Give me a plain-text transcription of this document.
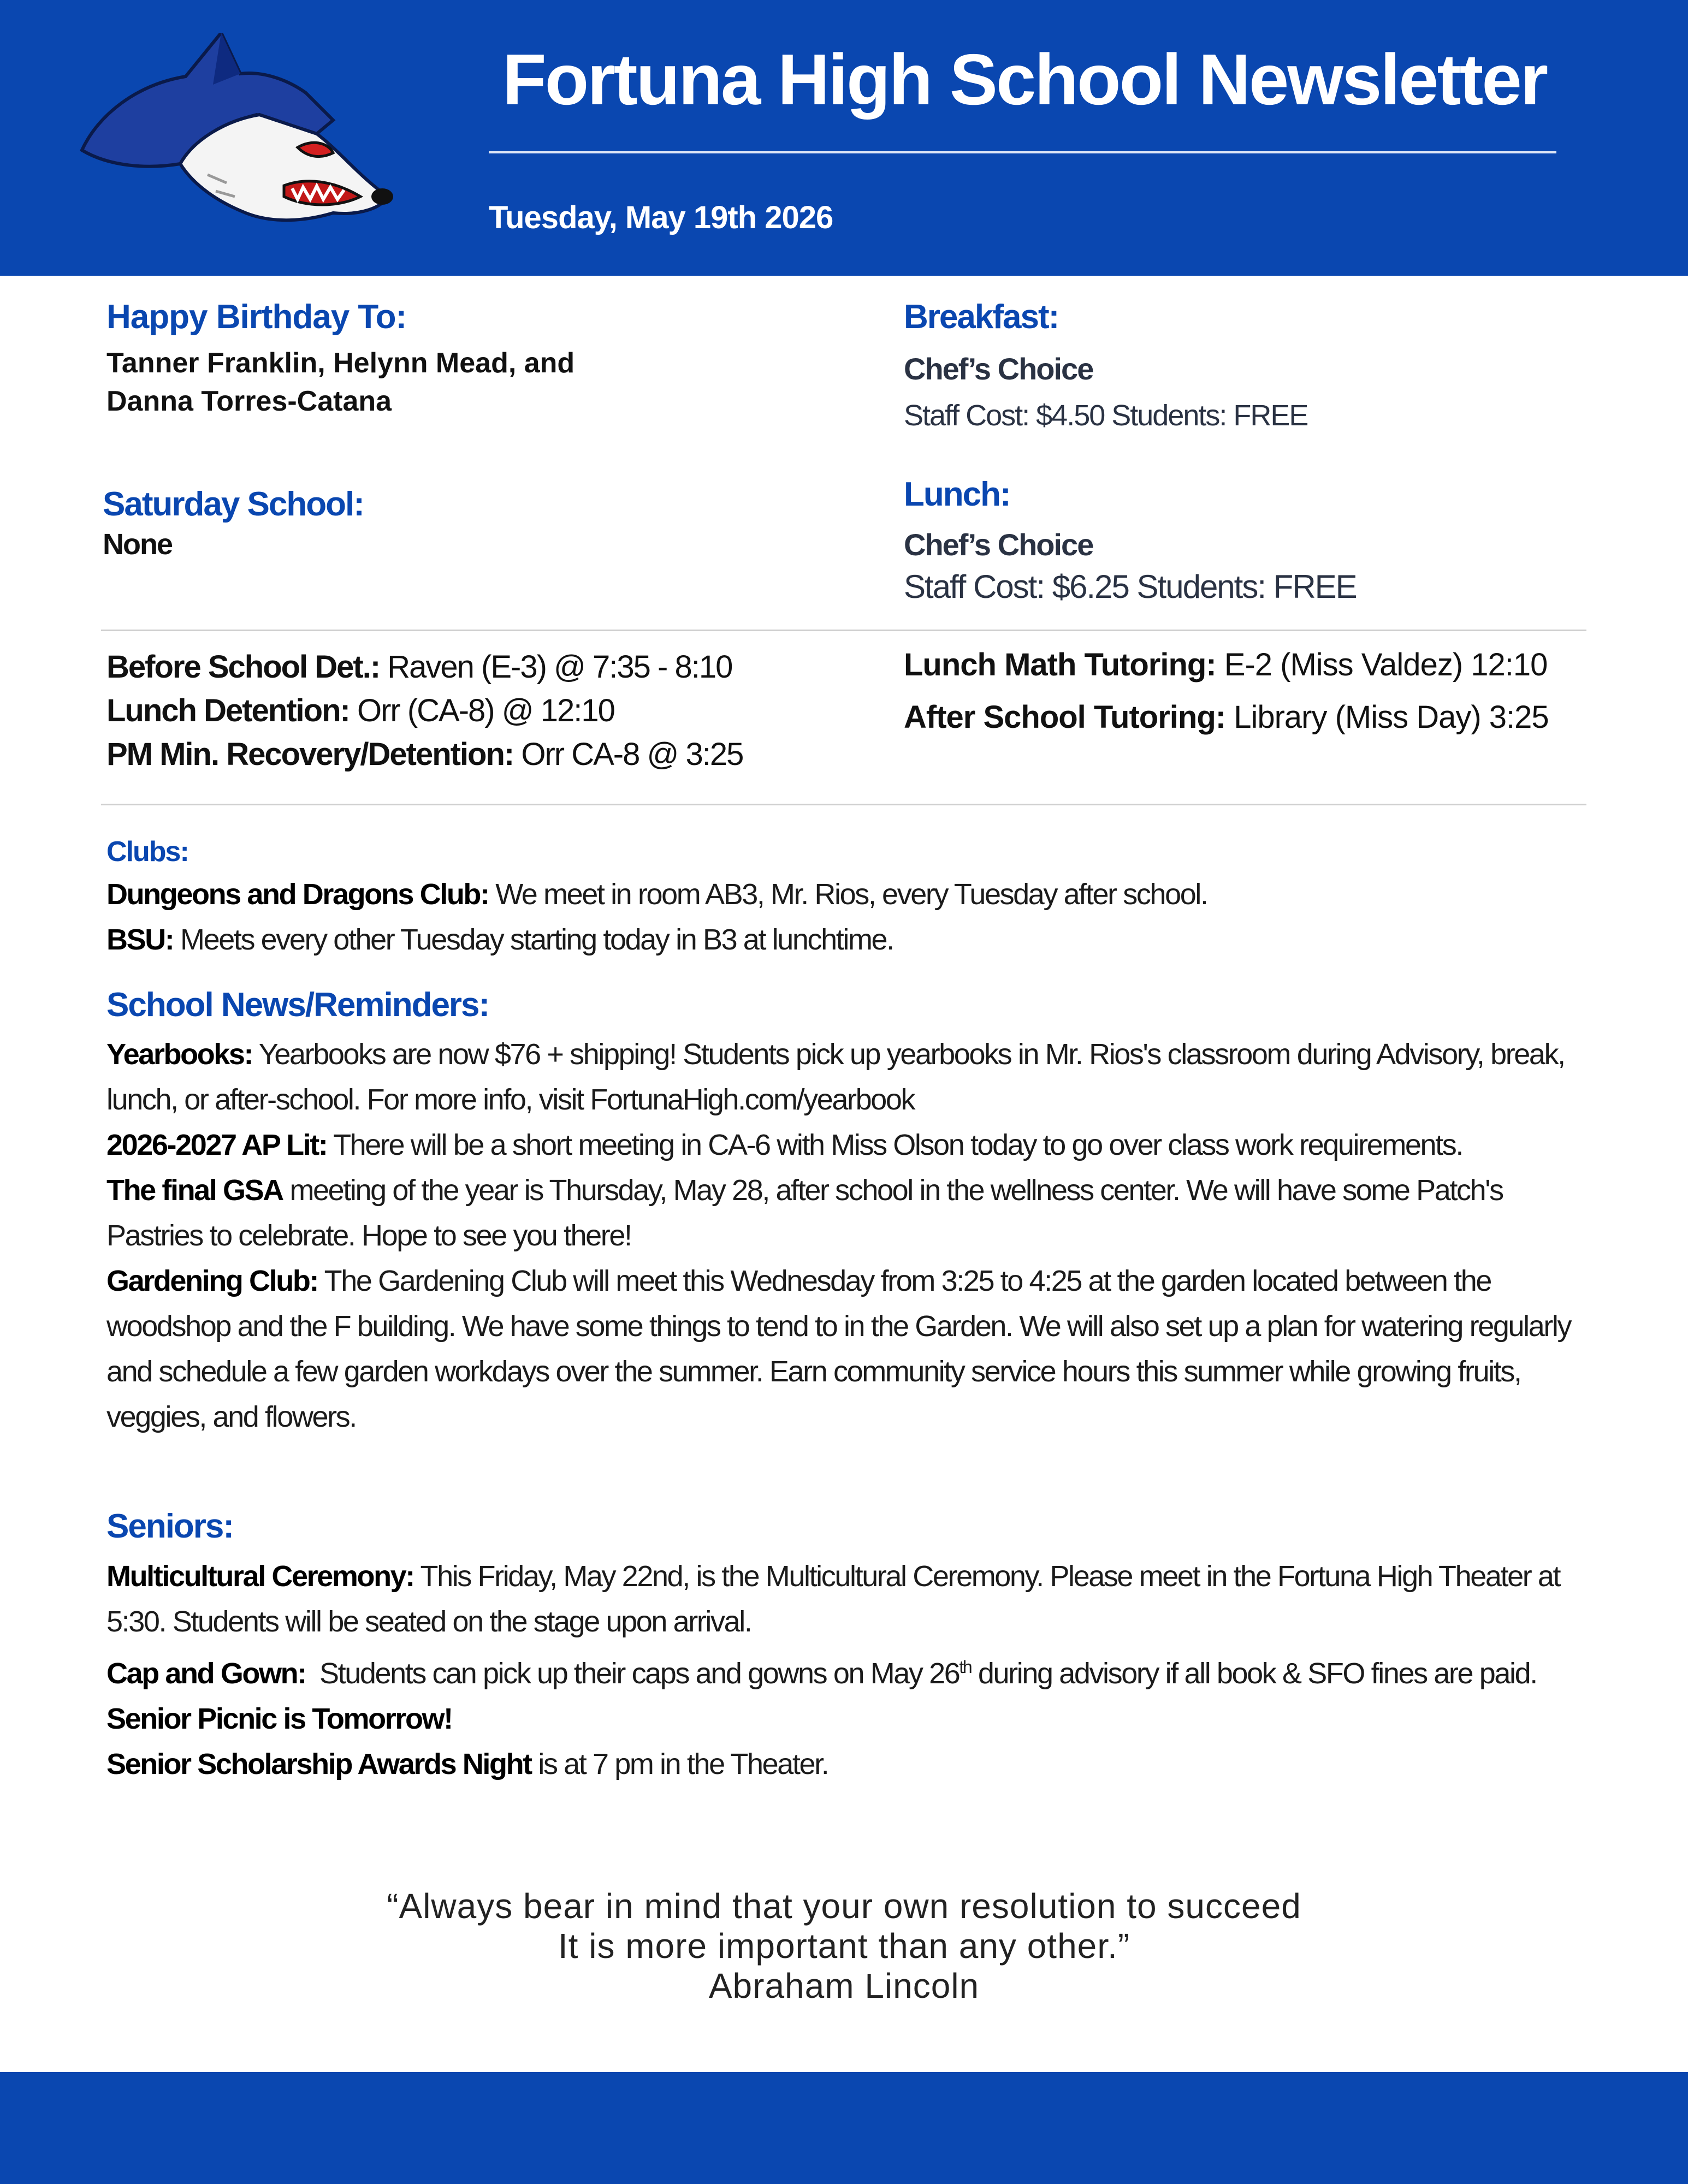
Fortuna High School Newsletter
Tuesday, May 19th 2026
Happy Birthday To:
Tanner Franklin, Helynn Mead, and
Danna Torres-Catana
Saturday School:
None
Breakfast:
Chef’s Choice
Staff Cost: $4.50 Students: FREE
Lunch:
Chef’s Choice
Staff Cost: $6.25 Students: FREE
Before School Det.: Raven (E-3) @ 7:35 - 8:10
Lunch Detention: Orr (CA-8) @ 12:10
PM Min. Recovery/Detention: Orr CA-8 @ 3:25
Lunch Math Tutoring: E-2 (Miss Valdez) 12:10
After School Tutoring: Library (Miss Day) 3:25
Clubs:

Dungeons and Dragons Club: We meet in room AB3, Mr. Rios, every Tuesday after school.

BSU: Meets every other Tuesday starting today in B3 at lunchtime.

School News/Reminders:

Yearbooks: Yearbooks are now $76 + shipping! Students pick up yearbooks in Mr. Rios's classroom during Advisory, break, lunch, or after-school. For more info, visit FortunaHigh.com/yearbook

2026-2027 AP Lit: There will be a short meeting in CA-6 with Miss Olson today to go over class work requirements.

The final GSA meeting of the year is Thursday, May 28, after school in the wellness center. We will have some Patch's Pastries to celebrate. Hope to see you there!

Gardening Club: The Gardening Club will meet this Wednesday from 3:25 to 4:25 at the garden located between the woodshop and the F building. We have some things to tend to in the Garden. We will also set up a plan for watering regularly and schedule a few garden workdays over the summer. Earn community service hours this summer while growing fruits, veggies, and flowers.

Seniors:

Multicultural Ceremony: This Friday, May 22nd, is the Multicultural Ceremony. Please meet in the Fortuna High Theater at 5:30. Students will be seated on the stage upon arrival.

Cap and Gown:  Students can pick up their caps and gowns on May 26th during advisory if all book & SFO fines are paid.

Senior Picnic is Tomorrow!

Senior Scholarship Awards Night is at 7 pm in the Theater.

“Always bear in mind that your own resolution to succeed
It is more important than any other.”
Abraham Lincoln
